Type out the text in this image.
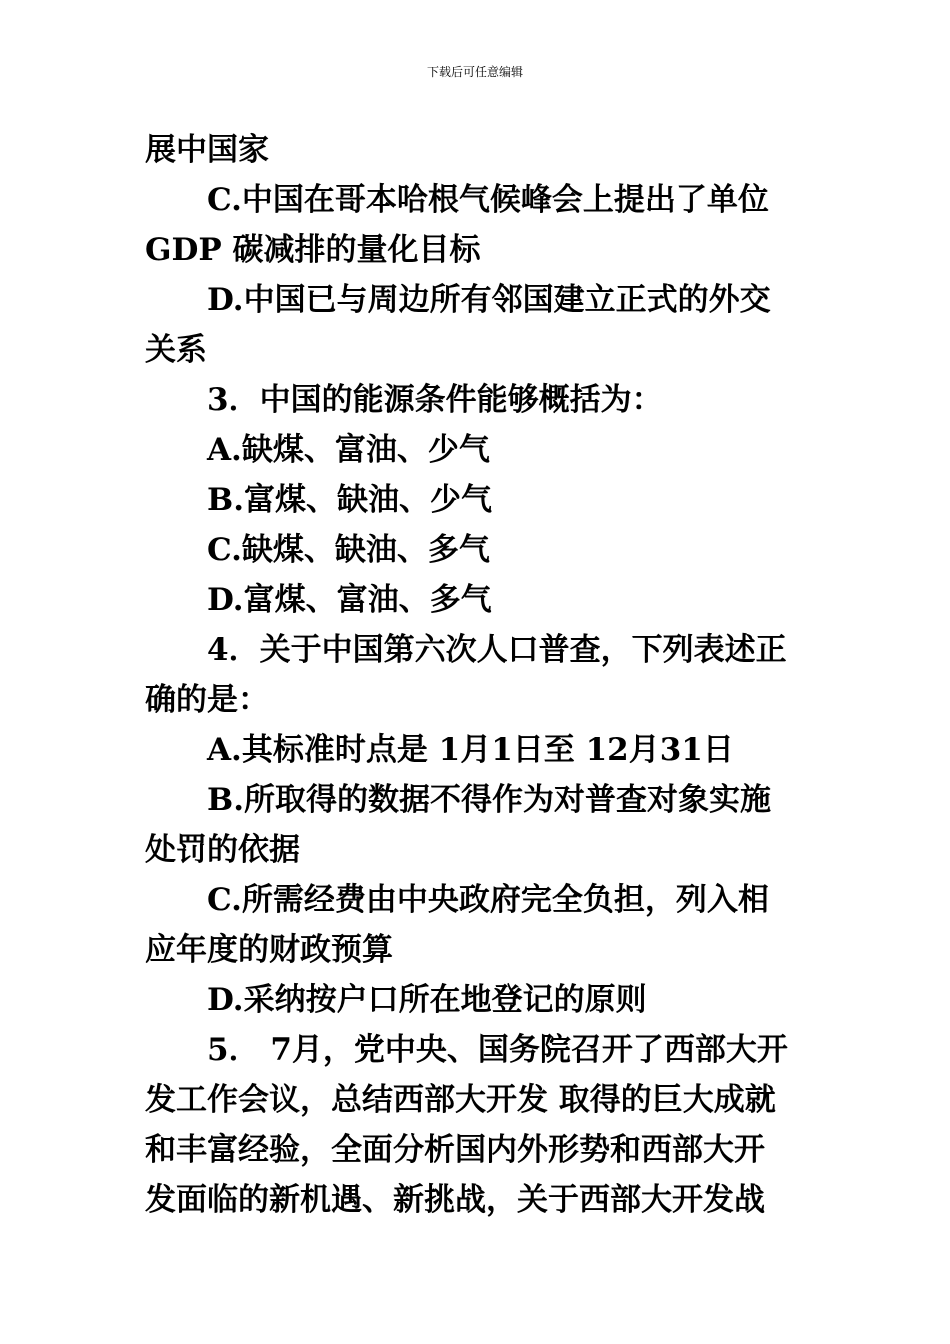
下载后可任意编辑
展中国家
C.中国在哥本哈根气候峰会上提出了单位
GDP 碳减排的量化目标
D.中国已与周边所有邻国建立正式的外交
关系
3．中国的能源条件能够概括为：
A.缺煤、富油、少气
B.富煤、缺油、少气
C.缺煤、缺油、多气
D.富煤、富油、多气
4．关于中国第六次人口普查，下列表述正
确的是：
A.其标准时点是 1月1日至 12月31日
B.所取得的数据不得作为对普查对象实施
处罚的依据
C.所需经费由中央政府完全负担，列入相
应年度的财政预算
D.采纳按户口所在地登记的原则
5． 7月，党中央、国务院召开了西部大开
发工作会议，总结西部大开发 取得的巨大成就
和丰富经验，全面分析国内外形势和西部大开
发面临的新机遇、新挑战，关于西部大开发战
